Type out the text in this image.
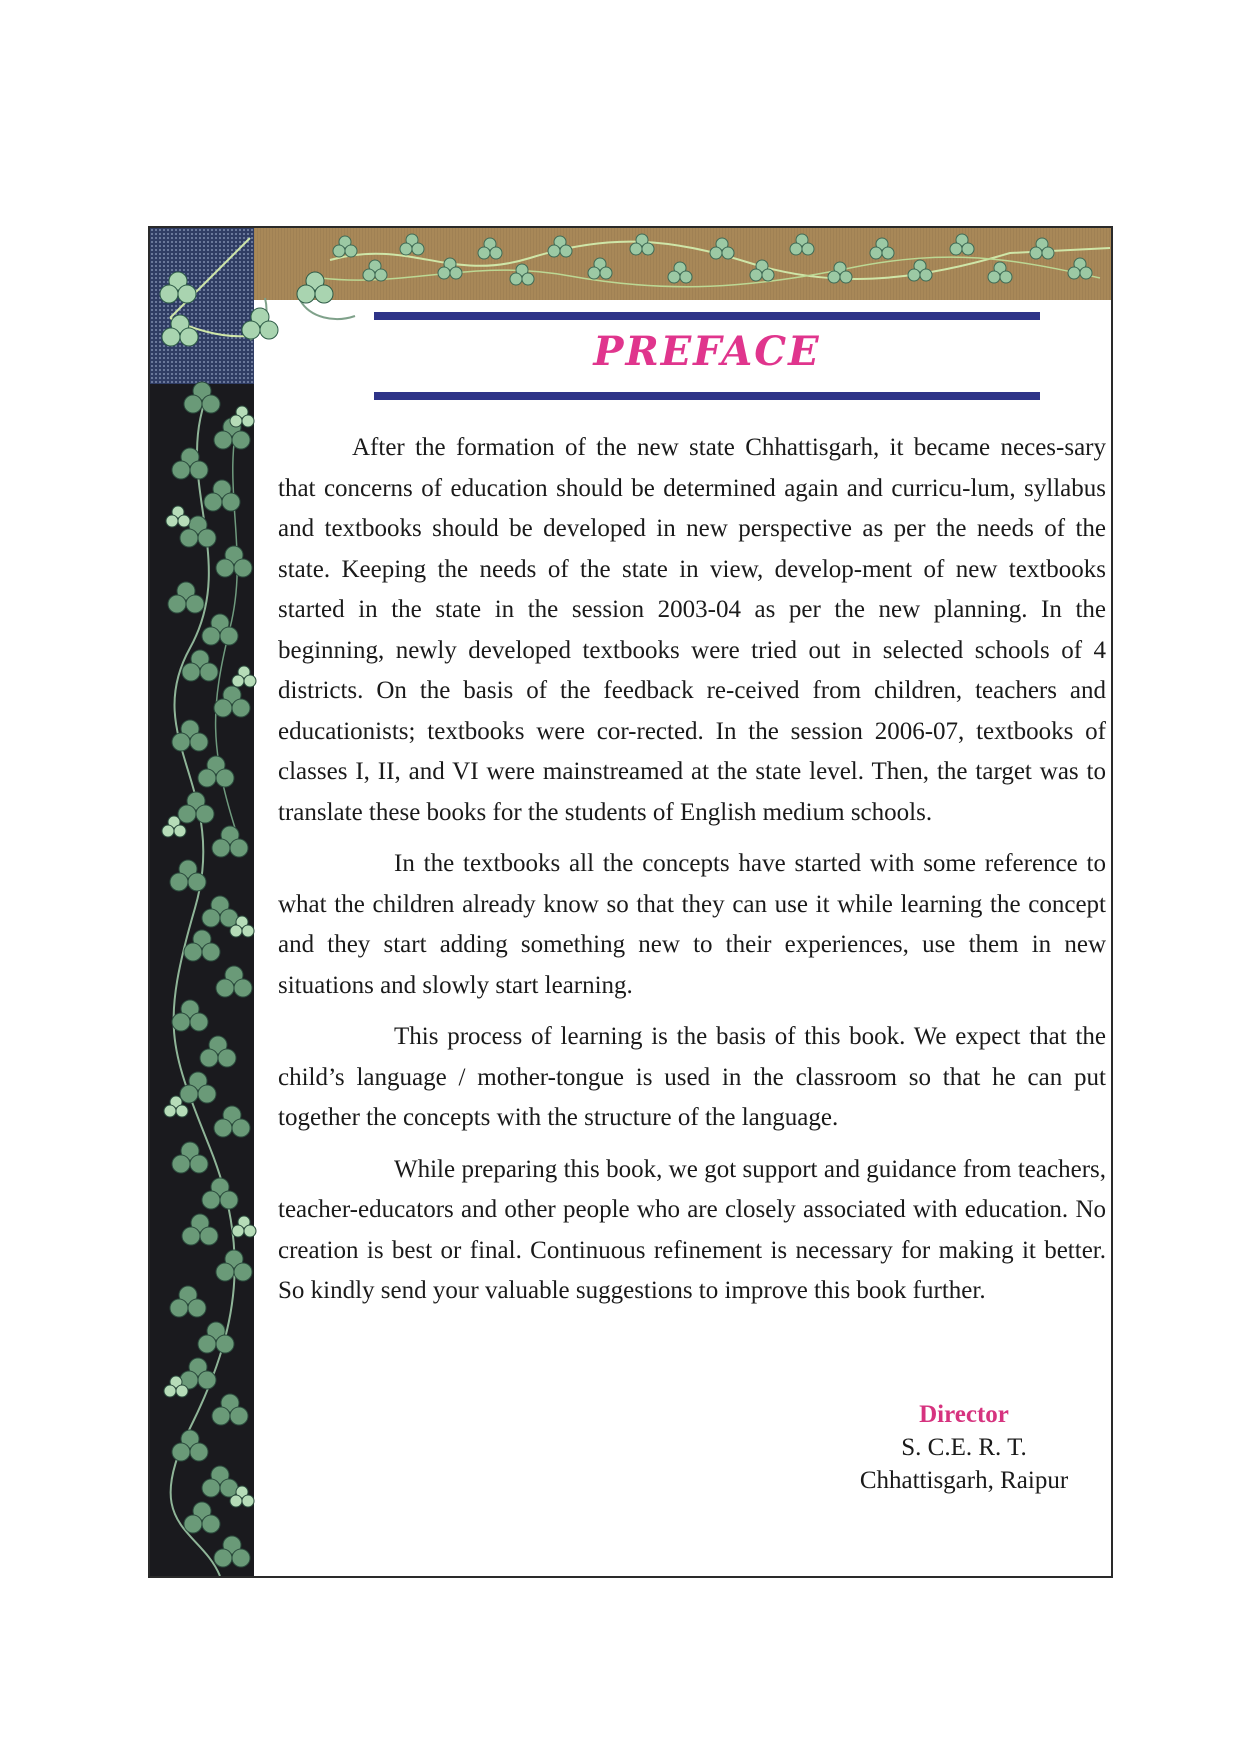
PREFACE

After the formation of the new state Chhattisgarh, it became neces-sary that concerns of education should be determined again and curricu-lum, syllabus and textbooks should be developed in new perspective as per the needs of the state. Keeping the needs of the state in view, develop-ment of new textbooks started in the state in the session 2003-04 as per the new planning. In the beginning, newly developed textbooks were tried out in selected schools of 4 districts. On the basis of the feedback re-ceived from children, teachers and educationists; textbooks were cor-rected. In the session 2006-07, textbooks of classes I, II, and VI were mainstreamed at the state level. Then, the target was to translate these books for the students of English medium schools.

In the textbooks all the concepts have started with some reference to what the children already know so that they can use it while learning the concept and they start adding something new to their experiences, use them in new situations and slowly start learning.

This process of learning is the basis of this book. We expect that the child’s language / mother-tongue is used in the classroom so that he can put together the concepts with the structure of the language.

While preparing this book, we got support and guidance from teachers, teacher-educators and other people who are closely associated with education. No creation is best or final. Continuous refinement is necessary for making it better. So kindly send your valuable suggestions to improve this book further.

Director
S. C.E. R. T.
Chhattisgarh, Raipur
